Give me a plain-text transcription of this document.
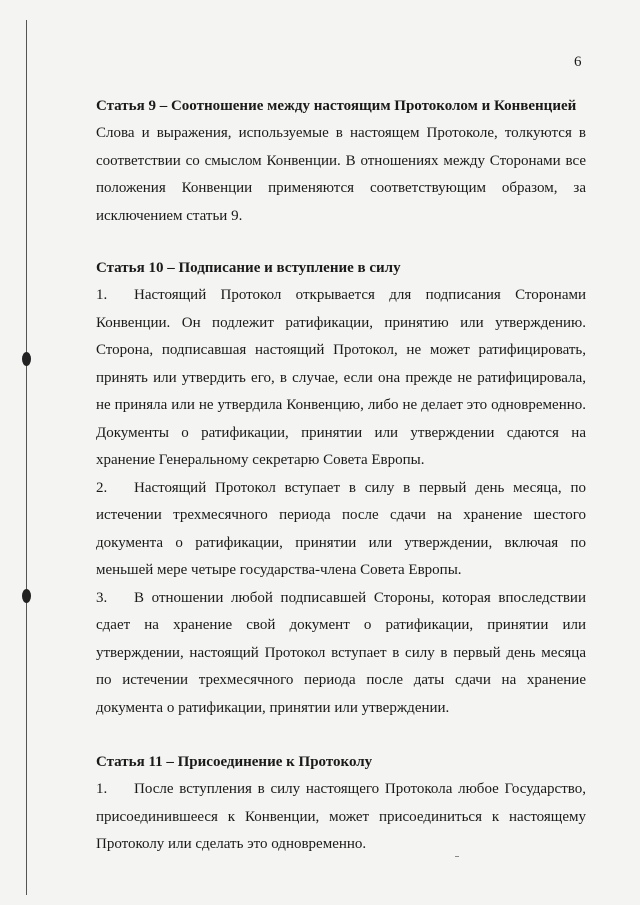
6
Статья 9 – Соотношение между настоящим Протоколом и Конвенцией

Слова и выражения, используемые в настоящем Протоколе, толкуются в соответствии со смыслом Конвенции. В отношениях между Сторонами все положения Конвенции применяются соответствующим образом, за исключением статьи 9.

Статья 10 – Подписание и вступление в силу

1. Настоящий Протокол открывается для подписания Сторонами Конвенции. Он подлежит ратификации, принятию или утверждению. Сторона, подписавшая настоящий Протокол, не может ратифицировать, принять или утвердить его, в случае, если она прежде не ратифицировала, не приняла или не утвердила Конвенцию, либо не делает это одновременно. Документы о ратификации, принятии или утверждении сдаются на хранение Генеральному секретарю Совета Европы.

2. Настоящий Протокол вступает в силу в первый день месяца, по истечении трехмесячного периода после сдачи на хранение шестого документа о ратификации, принятии или утверждении, включая по меньшей мере четыре государства-члена Совета Европы.

3. В отношении любой подписавшей Стороны, которая впоследствии сдает на хранение свой документ о ратификации, принятии или утверждении, настоящий Протокол вступает в силу в первый день месяца по истечении трехмесячного периода после даты сдачи на хранение документа о ратификации, принятии или утверждении.

Статья 11 – Присоединение к Протоколу

1. После вступления в силу настоящего Протокола любое Государство, присоединившееся к Конвенции, может присоединиться к настоящему Протоколу или сделать это одновременно.
